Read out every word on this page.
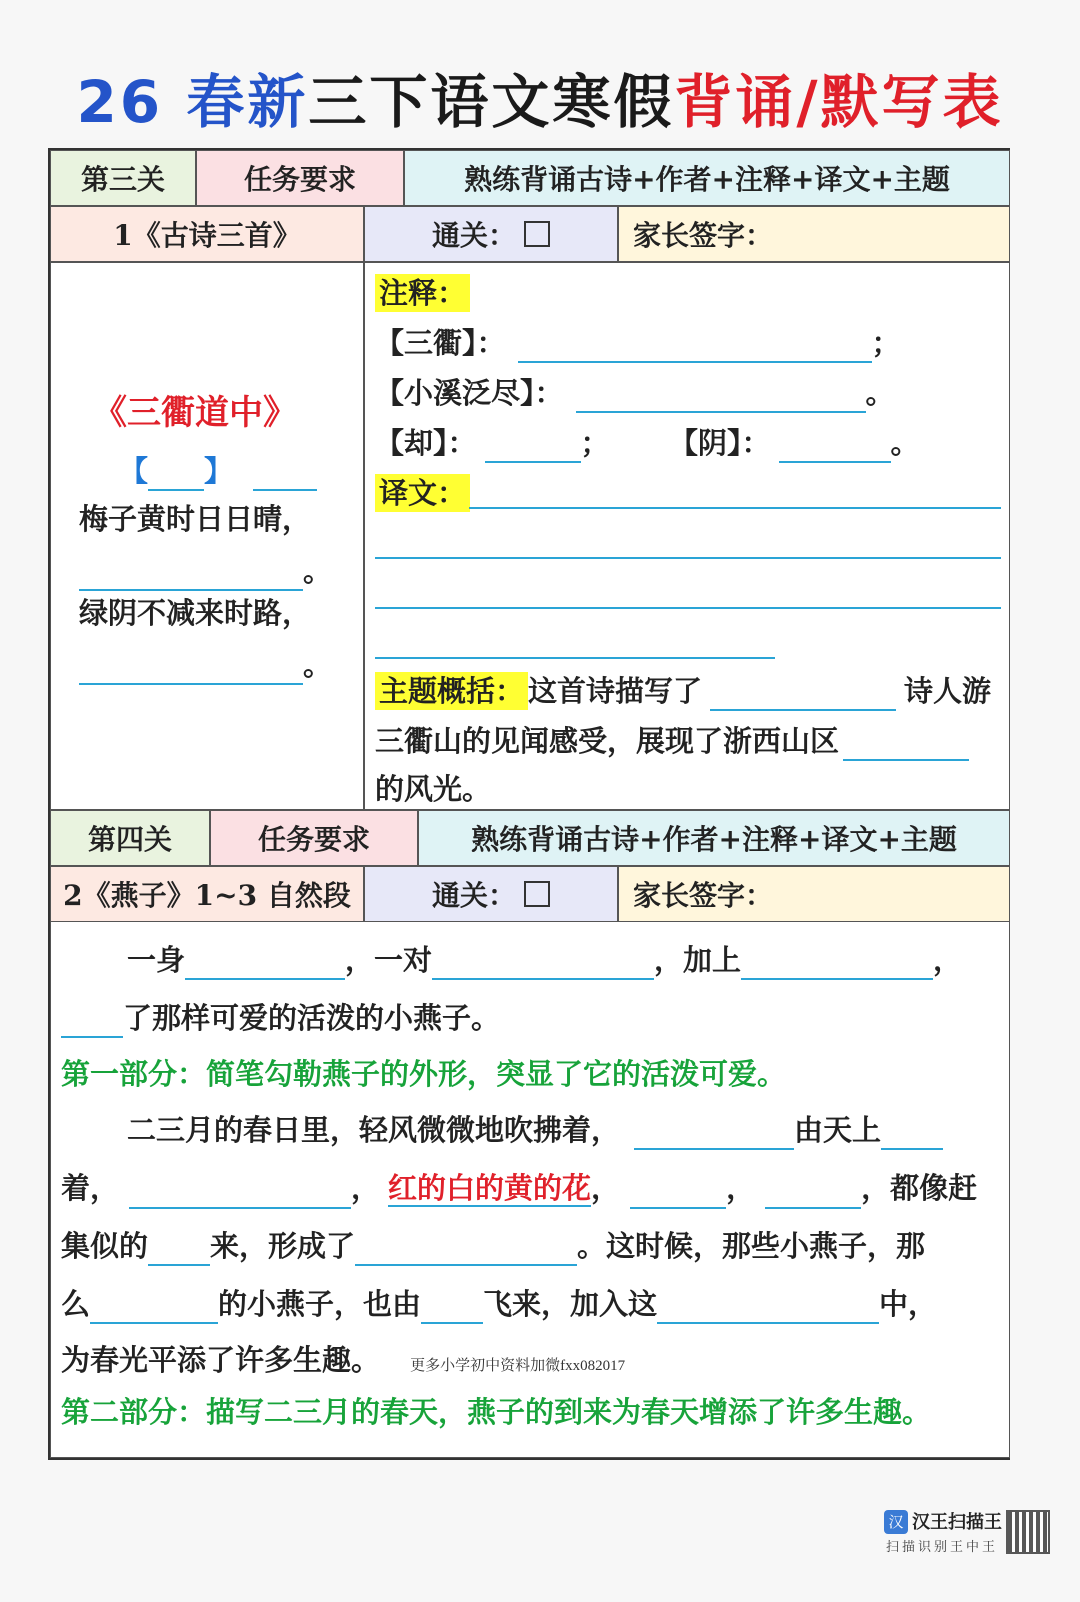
26 春新三下语文寒假背诵/默写表
第三关	任务要求	熟练背诵古诗+作者+注释+译文+主题
1《古诗三首》	通关：	家长签字：
《三衢道中》
【 】
梅子黄时日日晴，
。
绿阴不减来时路，
。
注释：
【三衢】：	；
【小溪泛尽】：	。
【却】：	； 【阴】：	。
译文：
主题概括： 这首诗描写了	诗人游
三衢山的见闻感受，展现了浙西山区
的风光。
第四关	任务要求	熟练背诵古诗+作者+注释+译文+主题
2《燕子》1~3 自然段	通关：	家长签字：
一身	，一对	，加上	，
了那样可爱的活泼的小燕子。
第一部分：简笔勾勒燕子的外形，突显了它的活泼可爱。
二三月的春日里，轻风微微地吹拂着，	由天上
着，	， 红的白的黄的花，	，	，都像赶
集似的 来，形成了	。这时候，那些小燕子，那
么	的小燕子，也由 飞来，加入这	中，
为春光平添了许多生趣。 更多小学初中资料加微fxx082017
第二部分：描写二三月的春天，燕子的到来为春天增添了许多生趣。
汉 汉王扫描王
扫描识别王中王
